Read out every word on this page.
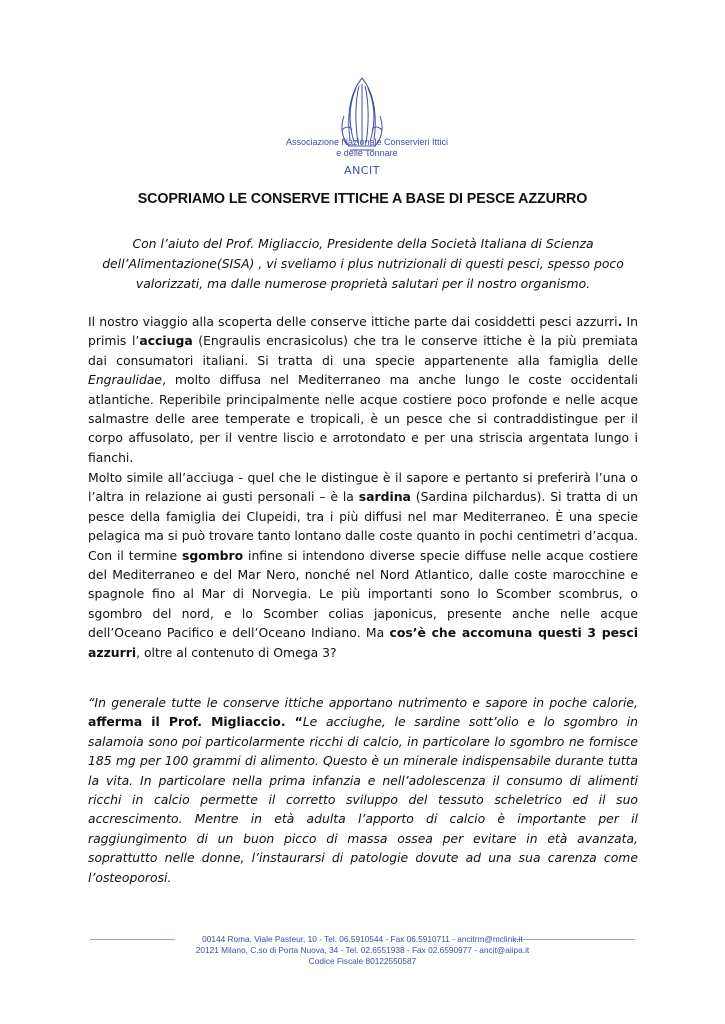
ANCIT
Associazione Nazionale Conservieri Ittici
e delle Tonnare
SCOPRIAMO LE CONSERVE ITTICHE A BASE DI PESCE AZZURRO

Con l’aiuto del Prof. Migliaccio, Presidente della Società Italiana di Scienza dell’Alimentazione(SISA) , vi sveliamo i plus nutrizionali di questi pesci, spesso poco valorizzati, ma dalle numerose proprietà salutari per il nostro organismo.

Il nostro viaggio alla scoperta delle conserve ittiche parte dai cosiddetti pesci azzurri. In primis l’acciuga (Engraulis encrasicolus) che tra le conserve ittiche è la più premiata dai consumatori italiani. Si tratta di una specie appartenente alla famiglia delle Engraulidae, molto diffusa nel Mediterraneo ma anche lungo le coste occidentali atlantiche. Reperibile principalmente nelle acque costiere poco profonde e nelle acque salmastre delle aree temperate e tropicali, è un pesce che si contraddistingue per il corpo affusolato, per il ventre liscio e arrotondato e per una striscia argentata lungo i fianchi.

Molto simile all’acciuga - quel che le distingue è il sapore e pertanto si preferirà l’una o l’altra in relazione ai gusti personali – è la sardina (Sardina pilchardus). Si tratta di un pesce della famiglia dei Clupeidi, tra i più diffusi nel mar Mediterraneo. È una specie pelagica ma si può trovare tanto lontano dalle coste quanto in pochi centimetri d’acqua. Con il termine sgombro infine si intendono diverse specie diffuse nelle acque costiere del Mediterraneo e del Mar Nero, nonché nel Nord Atlantico, dalle coste marocchine e spagnole fino al Mar di Norvegia. Le più importanti sono lo Scomber scombrus, o sgombro del nord, e lo Scomber colias japonicus, presente anche nelle acque dell’Oceano Pacifico e dell’Oceano Indiano. Ma cos’è che accomuna questi 3 pesci azzurri, oltre al contenuto di Omega 3?

“In generale tutte le conserve ittiche apportano nutrimento e sapore in poche calorie, afferma il Prof. Migliaccio. “Le acciughe, le sardine sott’olio e lo sgombro in salamoia sono poi particolarmente ricchi di calcio, in particolare lo sgombro ne fornisce 185 mg per 100 grammi di alimento. Questo è un minerale indispensabile durante tutta la vita. In particolare nella prima infanzia e nell’adolescenza il consumo di alimenti ricchi in calcio permette il corretto sviluppo del tessuto scheletrico ed il suo accrescimento. Mentre in età adulta l’apporto di calcio è importante per il raggiungimento di un buon picco di massa ossea per evitare in età avanzata, soprattutto nelle donne, l’instaurarsi di patologie dovute ad una sua carenza come l’osteoporosi.

00144 Roma, Viale Pasteur, 10 - Tel. 06.5910544 - Fax 06.5910711 - ancitrm@mclink.it
20121 Milano, C.so di Porta Nuova, 34 - Tel. 02.6551938 - Fax 02.6590977 - ancit@aiipa.it
Codice Fiscale 80122550587
